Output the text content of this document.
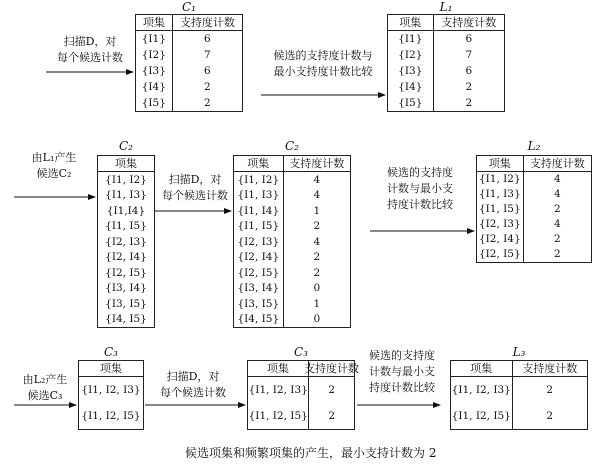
扫描D，对
每个候选计数
C₁
项集	支持度计数
{I1}	6
{I2}	7
{I3}	6
{I4}	2
{I5}	2
候选的支持度计数与
最小支持度计数比较
L₁
项集	支持度计数
{I1}	6
{I2}	7
{I3}	6
{I4}	2
{I5}	2
由L₁产生
候选C₂
C₂
项集
{I1, I2}
{I1, I3}
{I1,I4}
{I1, I5}
{I2, I3}
{I2, I4}
{I2, I5}
{I3, I4}
{I3, I5}
{I4, I5}
扫描D，对
每个候选计数
C₂
项集	支持度计数
{I1, I2}	4
{I1, I3}	4
{I1, I4}	1
{I1, I5}	2
{I2, I3}	4
{I2, I4}	2
{I2, I5}	2
{I3, I4}	0
{I3, I5}	1
{I4, I5}	0
候选的支持度
计数与最小支
持度计数比较
L₂
项集	支持度计数
{I1, I2}	4
{I1, I3}	4
{I1, I5}	2
{I2, I3}	4
{I2, I4}	2
{I2, I5}	2
由L₂产生
候选C₃
C₃
项集
{I1, I2, I3}
{I1, I2, I5}
扫描D，对
每个候选计数
C₃
项集	支持度计数
{I1, I2, I3}	2
{I1, I2, I5}	2
候选的支持度
计数与最小支
持度计数比较
L₃
项集	支持度计数
{I1, I2, I3}	2
{I1, I2, I5}	2
候选项集和频繁项集的产生，最小支持计数为 2
